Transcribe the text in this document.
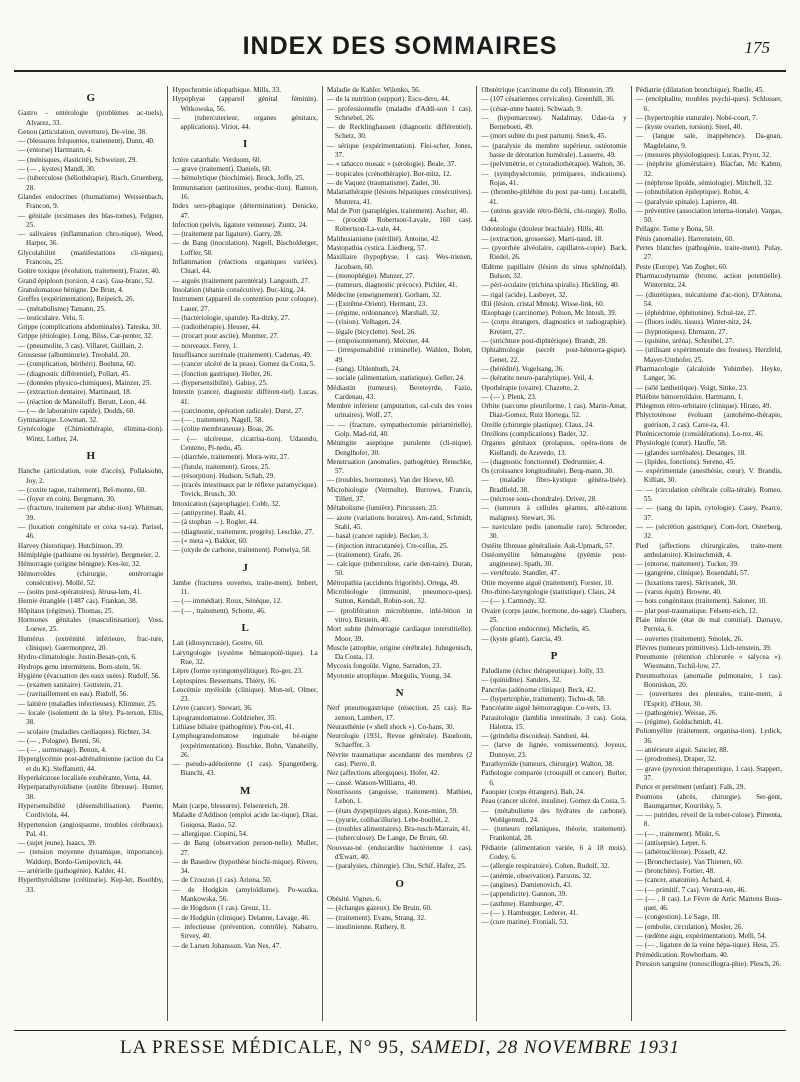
INDEX DES SOMMAIRES	175
G

Gastro - entérologie (problèmes ac-tuels), Alvarez, 33.

Genou (articulation, ouverture), De-vine, 38.

— (blessures fréquentes, traitement), Dunn, 40.

— (entorse) Hartmann, 4.

— (ménisques, élasticité), Schweizer, 29.

— (— , kystes) Mandl, 30.

— (tuberculose (héliothérapie), Risch, Gruenberg, 28.

Glandes endocrines (rhumatisme) Weissenbach, Francon, 9.

— génitale (ecsimases des blas-tomes), Felgner, 25.

— salivaires (inflammation chro-nique), Weed, Harper, 36.

Glycolabilité (manifestations cli-niques), Francois, 25.

Goitre toxique (évolution, traitement), Frazer, 40.

Grand épiploon (torsion, 4 cas). Gua-branc, 52.

Granulomatose bénigne. De Brun, 4.

Greffes (expérimentation), Reipeich, 26.

— (métabolisme) Tamann, 25.

— testiculaire. Velu, 5.

Grippe (complications abdominales). Tateska, 30.

Grippe (étiologie). Long, Bliss, Car-penter, 32.

— (pneumolite, 3 cas). Villaret, Guillain, 2.

Grossesse (albuminurie). Treobald, 20.

— (complication, béribéri). Boehma, 60.

— (diagnostic différentiel), Pollart, 45.

— (données physico-chimiques), Mainzer, 25.

— (extraction dentaire). Martinaud, 18.

— (réaction de Manoiloff). Berutt, Leon, 44.

— (— de laboratoire rapide). Dodds, 60.

Gymnastique. Lowman, 32.

Gynécologie (Chimiothérapie, élimina-tion). Wintz, Luther, 24.

H

Hanche (articulation, voie d'accès), Pollaksohn, Joy, 2.

— (coxite tague, traitement), Bel-monte, 60.

— (foyer en coin). Bergmann, 30.

— (fracture, traitement par abduc-tion). Whitman, 39.

— (luxation congénitale et coxa va-ra). Parisel, 46.

Harvey (historique). Hutchinson, 39.

Hémiplégie (pathisme ou hystérie). Bergmeier, 2.

Hémorragie (origine bénigne). Kes-ler, 32.

Hémorroïdes (chirurgie, entérorragie consécutive). Mollé, 52.

— (soins post-opératoires). Jérusa-lem, 41.

Hernie étranglée (1487 cas). Frankan, 38.

Hôpitaux (régimes). Thomas, 25.

Hormones génitales (masculinisation). Voss, Loewe, 25.

Humérus (extrémité inférieure, frac-ture, clinique). Guermonprez, 20.

Hydro-climatologie. Justin-Besan-çon, 6.

Hydrops genu intermittens. Born-stein, 56.

Hygiène (évacuation des eaux usées). Rudolf, 56.

— (examen sanitaire). Gottstein, 21.

— (ravitaillement en eau). Rudolf, 56.

— laitière (maladies infectieuses). Klimmer, 25.

— locale (isolement de la tête). Pa-terson, Ellis, 38.

— scolaire (maladies cardiaques). Richter, 34.

— (— , Pologne). Benni, 56.

— (— , surmenage). Benon, 4.

Hyperglycémie post-adrénalinienne (action du Ca et du K). Steffanutti, 44.

Hyperkératose localisée exubérante, Votta, 44.

Hyperparathyroïdisme (ostéite fibreuse). Hunter, 38.

Hypersensibilité (désensibilisation). Puente, Cordiviola, 44.

Hypertension (angiospasme, troubles cérébraux). Pal, 41.

— (sujet jeune). Isaacs, 39.

— (tension moyenne dynamique, importance). Waldorp, Bordo-Genipovitch, 44.

— artérielle (pathogénie). Kahler, 41.

Hyperthyroïdisme (crétinurie). Kep-ler, Boothby, 33.

Hypochromie idiopathique. Mills, 33.

Hypophyse (appareil génital féminin). Witkowska, 56.

— (tubercuterieur, organes génitaux, applications). Viriot, 44.

I

Ictère catarrhale. Verdoom, 60.

— grave (traitement). Daniels, 60.

— hémolytique (biochimie). Brock, Joffe, 25.

Immunisation (antitoxines, produc-tion). Ramon, 16.

Index sero-phagique (détermination). Denicke, 47.

Infection (pelvis, ligature veineuse). Zuntz, 24.

— (traitement par ligature). Garry, 28.

— de Bang (inoculation). Nagell, Bischolderger, Loffler, 58.

Inflammation (réactions organiques variées). Chiari, 44.

— aiguës (traitement parentéral). Langouth, 27.

Insolation (tétanie consécutive). Buc-king, 24.

Instrument (appareil de contention pour coluque). Lauer, 27.

— (bactériologie, spatule). Ra-dtzky, 27.

— (radiothérapie). Heuser, 44.

— (trocart pour ascite). Muntner, 27.

— nouveaux. Ferey, 1.

Insuffisance surrénale (traitement). Cadenas, 49.

— (cancer ulcéré de la peau). Gomez da Costa, 5.

— (fonction gastrique). Heller, 26.

— (hypersensibilité). Gabisy, 25.

Intestin (cancer, diagnostic différen-tiel). Lucas, 41.

— (carcinome, opération radicale). Durst, 27.

— (— , traitement). Nagell, 58.

— (colite membraneuse). Boas, 26.

— (— ulcéreuse, cicatrisa-tion). Udaondo, Centeno, Pi-nedo, 45.

— (diarrhée, traitement). Mora-witz, 27.

— (fistule, traitement). Gross, 25.

— (résorption). Hudson, Schab, 29.

— (tracés intestinaux par le réflexe paramycique). Tovick, Brusch, 30.

Intoxication (saprophagie). Cobb, 32.

— (antipyrine). Raab, 41.

— (à stopban →). Rogler, 44.

— (diagnostic, traitement, progrès). Leschke, 27.

— (« meta »). Bakker, 60.

— (oxyde de carbone, traitement). Pomelya, 58.

J

Jambe (fractures ouvertes, traite-ment). Imbert, 11.

— (— immédiat). Roux, Sénèque, 12.

— (— , traitement). Schotte, 46.

L

Lait (idiosyncrasie). Gostre, 60.

Laryngologie (système hématopoïé-tique). La Rue, 32.

Lèpre (forme syringomyélitique). Ro-ger, 23.

Leptospires. Bessemans, Thiéry, 16.

Leucémie myéloïde (clinique). Mon-tel, Olmer, 23.

Lèvre (cancer). Stewart, 36.

Lipogranulomatose. Goldzieher, 35.

Lithiase biliaire (pathogénie). Pou-cel, 41.

Lymphogranulomatose inguinale bé-nigne (expérimentation). Buschke, Bohn, Vanaheilly, 26.

— pseudo-adénoïenne (1 cas). Spangenberg, Bianchi, 43.

M

Main (carpe, blessures). Felsenreich, 28.

Maladie d'Addison (emploi acide lac-tique). Diaz, Guiqosa, Basio, 52.

— allergique. Ciopini, 54.

— de Bang (observation person-nelle). Muller, 27.

— de Basedow (hypothèse biochi-mique). Rivero, 34.

— de Crouzon (1 cas). Ariona, 50.

— de Hodgkin (amyloïdisme). Po-wazka, Mankowska, 56.

— de Hogdson (1 cas). Greuz, 11.

— de Hodgkin (clinique). Delanne, Lavage, 46.

— infectieuse (prévention, contrôle). Nabarro, Sirvey, 40.

— de Larsen Johansson. Van Nes, 47.

Maladie de Kahler. Wilenko, 56.

— de la nutrition (support). Escu-dero, 44.

— professionnelle (maladie d'Addi-son 1 cas). Schriebel, 26.

— de Recklinghausen (diagnostic différentiel). Schetz, 30.

— sérique (expérimentation). Flei-scher, Jones, 37.

— « tabacco mosaic » (sérologie). Beale, 37.

— tropicales (crénothérapie). Bor-mitz, 12.

— de Vaquez (traumatisme). Zader, 30.

Malariathérapie (lésions hépatiques consécutives). Muntera, 41.

Mal de Pott (paraplégies, traitement). Ascher, 40.

— (procédé Robertson-Lavale, 160 cas). Robertson-La-vale, 44.

Malthusianisme (stérilité). Antoine, 42.

Mastopathia cystica. Liedberg, 57.

Maxillaire (hypophyse, 1 cas). Wes-trienen, Jacobsen, 60.

— (monophégie). Munzer, 27.

— (tumeurs, diagnostic précoce). Pichler, 41.

Médecine (enseignement). Gorham, 32.

— (Extrême-Orient). Hermant, 23.

— (régime, ordonnance). Marshall, 32.

— (vision). Velhagen, 24.

— légale (bicyclette). Seel, 26.

— (empoisonnement). Meixner, 44.

— (irresponsabilité criminelle). Wahlen, Bolen, 49.

— (sang). Uhlenhuth, 24.

— sociale (alimentation, statistique). Geller, 24.

Médiastin (tumeurs). Bereteyrde, Fazio, Cardenau, 43.

Membre inférieur (amputation, cal-culs des voies urinaires). Wolf, 27.

— — (fracture, sympathectomie périartérielle). Golp, Mad-rid, 40.

Méningite aseptique purulente (cli-nique). Denglhofer, 30.

Menstruation (anomalies, pathogénie). Reuschke, 57.

— (troubles, hormones). Van der Hoeve, 60.

Microbiologie (Vermulte). Burrows, Francis, Tillett, 37.

Métabolisme (lumière). Pincussen, 25.

— azote (variations horaires). Am-rand, Schmidt, Stahl, 45.

— basal (cancer rapide). Becker, 3.

— (injection intracutanée). Cre-cellus, 25.

— (traitement). Grafe, 26.

— calcique (tuberculose, carie den-taire). Duran, 50.

Métropathia (accidents frigorités). Ortega, 49.

Microbiologie (immunité, pneumoco-ques). Sutton, Kendall, Robin-son, 32.

— (prolifération microbienne, inhi-bition in vitro). Birstein, 40.

Mort subite (hémorragie cardiaque interstitielle). Moor, 39.

Muscle (atrophie, origine cérébrale). Juhngenisch, Da Costa, 13.

Mycosis fongoïde. Vigne, Sarradon, 23.

Myotonie atrophique. Morgulis, Young, 34.

N

Nerf pneumogastrique (résection, 25 cas). Ra-zemon, Lambert, 17.

Neurasthénie (« shell shock »). Co-hans, 30.

Neurologie (1931, Revue générale). Baudouin, Schaeffer, 3.

Névrite traumatique ascendante des membres (2 cas). Pierre, 8.

Nez (affections allergiques). Hofer, 42.

— cassé. Watson-Williams, 40.

Nourrissons (angoisse, traitement). Mathieu, Lebon, 1.

— (états dyspeptiques aigus). Kous-mine, 59.

— (pyurie, colibacillurie). Lebe-boullet, 2.

— (troubles alimentaires). Bra-tusch-Marrain, 41.

— (tuberculose). De Lange, De Bruin, 60.

Nouveau-né (endocardite bactérienne 1 cas). d'Ewart, 40.

— (paralysies, chirurgie). Chu, Schif, Hafez, 25.

O

Obésité. Vignes, 6.

— (échanges gazeux). De Bruin, 60.

— (traitement). Evans, Strang, 32.

— insulinienne. Rathery, 8.

Obstétrique (carcinome du col). Blonstein, 39.

— (107 césariennes cervicales). Greenhill, 36.

— (césar-onne haute). Schwaab, 9.

— (hypomarcose). Nadalmay, Udae-ta y Berneboeti, 49.

— (mort subite du post partum). Sneck, 45.

— (paralysie du membre supérieur, ostéotomie basse de dérotation humérale). Lasserre, 49.

— (pelvimétrie, et cytoradiothérapie). Walton, 36.

— (symphyséctomie, primipares, indications). Rojas, 41.

— (thrombo-phlébite du post par-tum). Locatelli, 41.

— (utérus gravide rétro-fléchi, chi-rurgie). Rollo, 44.

Odontologie (douleur brachiale). Hills, 40.

— (extraction, grossesse). Marti-naud, 18.

— (pyorrhée alvéolaire, capillaros-copie). Back, Riedel, 26.

Œdème papillaire (lésion du sinus sphénoïdal). Bulson, 32.

— péri-oculaire (trichina spiralis). Hickling, 40.

— rigal (acide). Lasbeyet, 32.

Œil (lésion, cristal Mmok). Wisse-link, 60.

Œsophage (carcinome). Polson, Mc Intosh, 39.

— (corps étrangers, diagnostics et radiographie). Kretiert, 27.

— (strichture post-diphtérique). Brandt, 28.

Ophtalmologie (secrèt post-hémorra-gique). Genet, 22.

— (hérédité). Vogelsang, 36.

— (kératite neuro-paralytique). Veil, 4.

Opothérapie (ovaire). Chazette, 2.

— (— ). Plenk, 23.

Orbite (sarcome pleuriforme, 1 cas). Marin-Amat, Diaz-Gomez, Ruiz Hortega, 52.

Oreille (chirurgie plastique). Claus, 24.

Oreillons (complications). Bader, 32.

Organes génitaux (prolapsus, opéra-tions de Kielland). de Azevedo, 13.

— (diagnostic fonctionnel). Dedrunnier, 4.

Os (croissance longitudinale). Berg-mann, 30.

— (maladie fibro-kystique généra-lisée). Bradfield, 38.

— (nécrose sous-chondrale). Driver, 28.

— (tumeurs à cellules géantes, alté-rations malignes). Stewart, 36.

— naviculare pedis (anomalie rare). Schroeder, 30.

Ostéite fibreuse généralisée. Ask-Upmark, 57.

Ostéomyélite hématogène (pyémie post-angineuse). Spath, 30.

— vertébrale. Standler, 47.

Otite moyenne aiguë (traitement). Forster, 10.

Oto-rhino-laryngologie (statistique). Claus, 24.

— (— ). Carmody, 32.

Ovaire (corps jaune, hormone, do-sage). Claubers, 25.

— (fonction endocrine). Michelis, 45.

— (kyste géant). Garcia, 49.

P

Paludisme (échec thérapeutique). Jolly, 33.

— (quinidine). Sanders, 32.

Pancréas (adénome clinique). Beck, 42.

— (hypertrophie, traitement). Tschu-di, 58.

Pancréatite aiguë hémorragique. Co-vers, 13.

Parasitologie (lamblia intestinale, 3 cas). Goia, Halotza, 15.

— (grindelia discoidea). Sandoni, 44.

— (larve de lignée, vomissements). Joyeux, Dunoyer, 23.

Parathyroïde (tumeurs, chirurgie). Walton, 38.

Pathologie comparée (crouquill et cancer). Butler, 6.

Pauopier (corps étrangers). Bab, 24.

Peau (cancer ulcéré, insuline). Gomez da Costa, 5.

— (métabolisme des hydrates de carbone). Wohlgemuth, 24.

— (tumeurs mélaniques, théorie, traitement). Frankental, 28.

Pédiatrie (alimentation variée, 6 à 18 mois). Codey, 6.

— (allergie respiratoire). Cohen, Rudolf, 32.

— (anémie, observation). Parsons, 32.

— (angines). Damienovich, 43.

— (appendicite). Gannon, 39.

— (asthme). Hamburger, 47.

— (— ). Hamburger, Lederer, 41.

— (cure marine). Froniali, 53.

Pédiatrie (dilatation bronchique). Ruelle, 45.

— (encéphalite, troubles psychi-ques). Schlosser, 6.

— (hypertrophie staturale). Nobé-court, 7.

— (kyste ovarien, torsion). Steel, 40.

— (langue sale, inappétence). Da-gnan, Magdelaine, 9.

— (mesures physiologiques). Lucas, Pryor, 32.

— (néphrite glomérulaire). Blacfan, Mc Kahnn, 32.

— (néphrose lipoïde, sémiologie). Mitchell, 32.

— (obnubilation épileptique). Robin, 4.

— (paralysie spinale). Lapierre, 48.

— préventive (association interna-tionale). Vargas, 50.

Pellagre. Tome y Bona, 50.

Pénis (anomalie). Harrenstein, 60.

Pertes blanches (pathogénie, traite-ment). Pulay, 27.

Peste (Europe). Van Zogher, 60.

Pharmacodynamie (brome, action potentielle). Winternitz, 24.

— (diurétiques, mécanisme d'ac-tion). D'Antona, 54.

— (éphédrine, éphétonine). Schul-tze, 27.

— (fluors iodés, tissus). Winter-nitz, 24.

— (hypnotiques). Ehrmann, 27.

— (quinine, uréna). Schreibel, 27.

— (utilisant expérimentale des fresnes). Herzfeld, Mayer-Umhofer, 25.

Pharmacologie (alcaloïde Yohimbe). Heyke, Langer, 36.

— (sélé lantheitique). Voigt, Sinke, 23.

Phlébite hémorroïdaire. Hartmann, 1.

Phlegmon rétro-orbitaire (clinique). Hirato, 49.

Phlyctoténose évoluant (autohémo-thérapie, guérison, 2 cas). Carre-ra, 43.

Phrénicectomie (considérations). Lo-rez, 46.

Physiologie (cœur). Hauffe, 58.

— (glandes surrénales). Desanges, 18.

— (lipides, fonctions). Sereno, 45.

— expérimentale (anesthésie, cœur). V. Brandis, Killian, 30.

— — (circulation cérébrale colla-térale). Romeo, 55.

— — (sang du lapin, cytologie). Casey, Pearce, 37.

— — (sécrétion gastrique). Com-fort, Osterberg, 32.

Pied (affections chirurgicales, traite-ment ambulatoire). Kleinschmidt, 4.

— (entorse, traitement). Tucker, 39.

— (gangrène, clinique). Rosendahl, 57.

— (luxations rares). Skrivanek, 30.

— (varus équin). Browne, 40.

— bots congénitaux (traitement). Saloner, 10.

— plat post-traumatique. Felsenr-eich, 12.

Plaie infectée (état de mal comitial). Damaye, Perreia, 6.

— ouvertes (traitement). Smolek, 26.

Plèvres (tumeurs primitives). Lich-tenstein, 39.

Pneumonie (rétention chlorurée « salycea »). Wiesmann, Tschil-low, 27.

Pneumothorax (anomalie pulmonaire, 1 cas). Bonniskon, 20.

— (ouvertures des pleurales, traite-ment, à l'Esprit). d'Hour, 30.

— (pathogénie). Weisse, 26.

— (régime). Goldschmidt, 41.

Poliomyélite (traitement, organisa-tion). Lydick, 36.

— antérieure aiguë. Saucier, 88.

— (prodromes). Draper, 32.

— grave (pyrexion thérapeutique, 1 cas). Stappert, 37.

Ponce et persément (enfant). Falk, 29.

Poumons (abcès, chirurgie). Ser-gent, Baumgartner, Kourilsky, 5.

— — putrides, réveil de la tuber-culose). Pimenta, 8.

— (— , traitement). Miskt, 6.

— (antisepsie). Leper, 6.

— (athérosclérose). Posselt, 42.

— (Bronchectasie). Van Thienen, 60.

— (bronchites). Fortier, 48.

— (cancer, anatomie). Achard, 4.

— (— primitif, 7 cas). Verstra-ten, 46.

— (— , 8 cas). Le Fèvre de Arric Martens Bous-quet, 46.

— (congestion). Le Sage, 18.

— (embolie, circulation). Mosler, 26.

— (œdème aigu, expérimentation). Melli, 54.

— (— , ligature de la veine hépa-tique). Hess, 25.

Prémédication. Rowbotham, 40.

Pression sanguine (tonoscillogra-phie). Plesch, 26.

LA PRESSE MÉDICALE, N° 95, SAMEDI, 28 NOVEMBRE 1931
